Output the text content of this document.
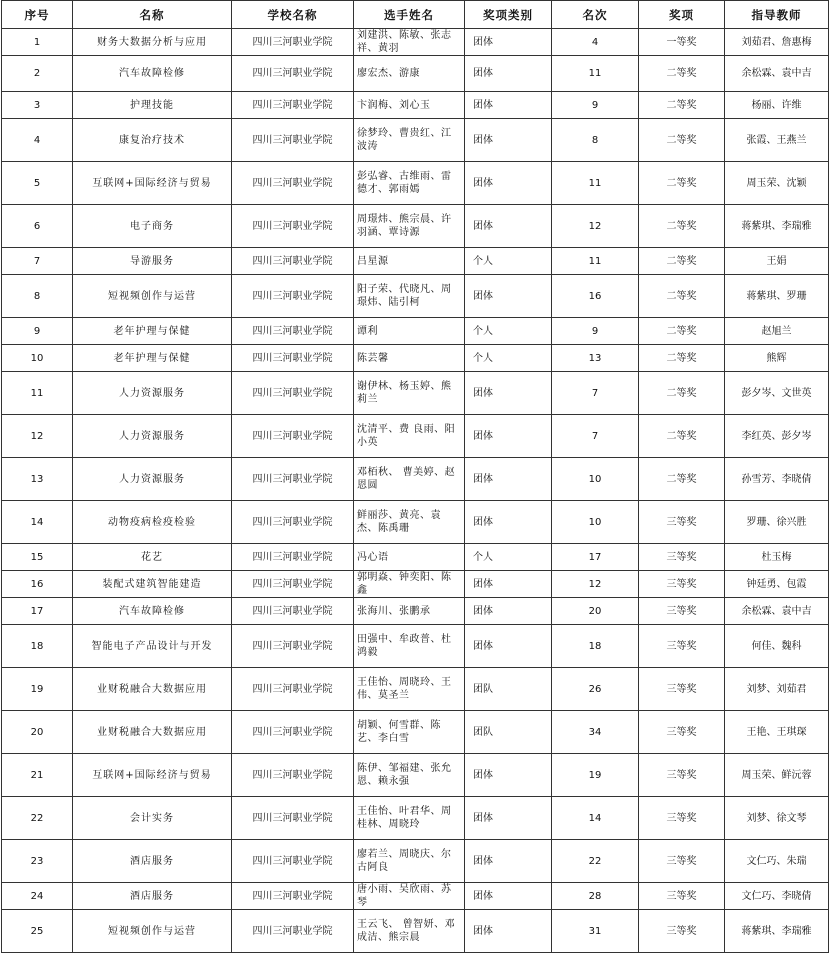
序号	名称	学校名称	选手姓名	奖项类别	名次	奖项	指导教师
1	财务大数据分析与应用	四川三河职业学院	刘建洪、陈敏、张志祥、黄羽	团体	4	一等奖	刘茹君、詹惠梅
2	汽车故障检修	四川三河职业学院	廖宏杰、游康	团体	11	二等奖	余松霖、袁中吉
3	护理技能	四川三河职业学院	卞润梅、刘心玉	团体	9	二等奖	杨丽、许维
4	康复治疗技术	四川三河职业学院	徐梦玲、曹贵红、江波涛	团体	8	二等奖	张霞、王燕兰
5	互联网+国际经济与贸易	四川三河职业学院	彭弘睿、古维雨、雷德才、郭雨嫣	团体	11	二等奖	周玉荣、沈颖
6	电子商务	四川三河职业学院	周璟炜、熊宗晨、许羽涵、覃诗源	团体	12	二等奖	蒋紫琪、李瑞雅
7	导游服务	四川三河职业学院	吕星源	个人	11	二等奖	王娟
8	短视频创作与运营	四川三河职业学院	阳子荣、代晓凡、周璟炜、陆引柯	团体	16	二等奖	蒋紫琪、罗珊
9	老年护理与保健	四川三河职业学院	谭利	个人	9	二等奖	赵旭兰
10	老年护理与保健	四川三河职业学院	陈芸馨	个人	13	二等奖	熊辉
11	人力资源服务	四川三河职业学院	谢伊林、杨玉婷、熊莉兰	团体	7	二等奖	彭夕岑、文世英
12	人力资源服务	四川三河职业学院	沈清平、费 良雨、阳小英	团体	7	二等奖	李红英、彭夕岑
13	人力资源服务	四川三河职业学院	邓栢秋、 曹美婷、赵恩圆	团体	10	二等奖	孙雪芳、李晓倩
14	动物疫病检疫检验	四川三河职业学院	鲜丽莎、黄亮、袁杰、陈禹珊	团体	10	三等奖	罗珊、徐兴胜
15	花艺	四川三河职业学院	冯心语	个人	17	三等奖	杜玉梅
16	装配式建筑智能建造	四川三河职业学院	郭明焱、钟奕阳、陈鑫	团体	12	三等奖	钟廷勇、包霞
17	汽车故障检修	四川三河职业学院	张海川、张鹏承	团体	20	三等奖	余松霖、袁中吉
18	智能电子产品设计与开发	四川三河职业学院	田强中、牟政普、杜鸿毅	团体	18	三等奖	何佳、魏科
19	业财税融合大数据应用	四川三河职业学院	王佳怡、周晓玲、王伟、莫圣兰	团队	26	三等奖	刘梦、刘茹君
20	业财税融合大数据应用	四川三河职业学院	胡颖、何雪群、陈艺、李白雪	团队	34	三等奖	王艳、王琪琛
21	互联网+国际经济与贸易	四川三河职业学院	陈伊、邹福建、张允恩、赖永强	团体	19	三等奖	周玉荣、鲜沅蓉
22	会计实务	四川三河职业学院	王佳怡、叶君华、周桂林、周晓玲	团体	14	三等奖	刘梦、徐文琴
23	酒店服务	四川三河职业学院	廖若兰、周晓庆、尔古阿良	团体	22	三等奖	文仁巧、朱瑞
24	酒店服务	四川三河职业学院	唐小雨、吴欣雨、苏琴	团体	28	三等奖	文仁巧、李晓倩
25	短视频创作与运营	四川三河职业学院	王云飞、 曾智妍、邓成洁、熊宗晨	团体	31	三等奖	蒋紫琪、李瑞雅
